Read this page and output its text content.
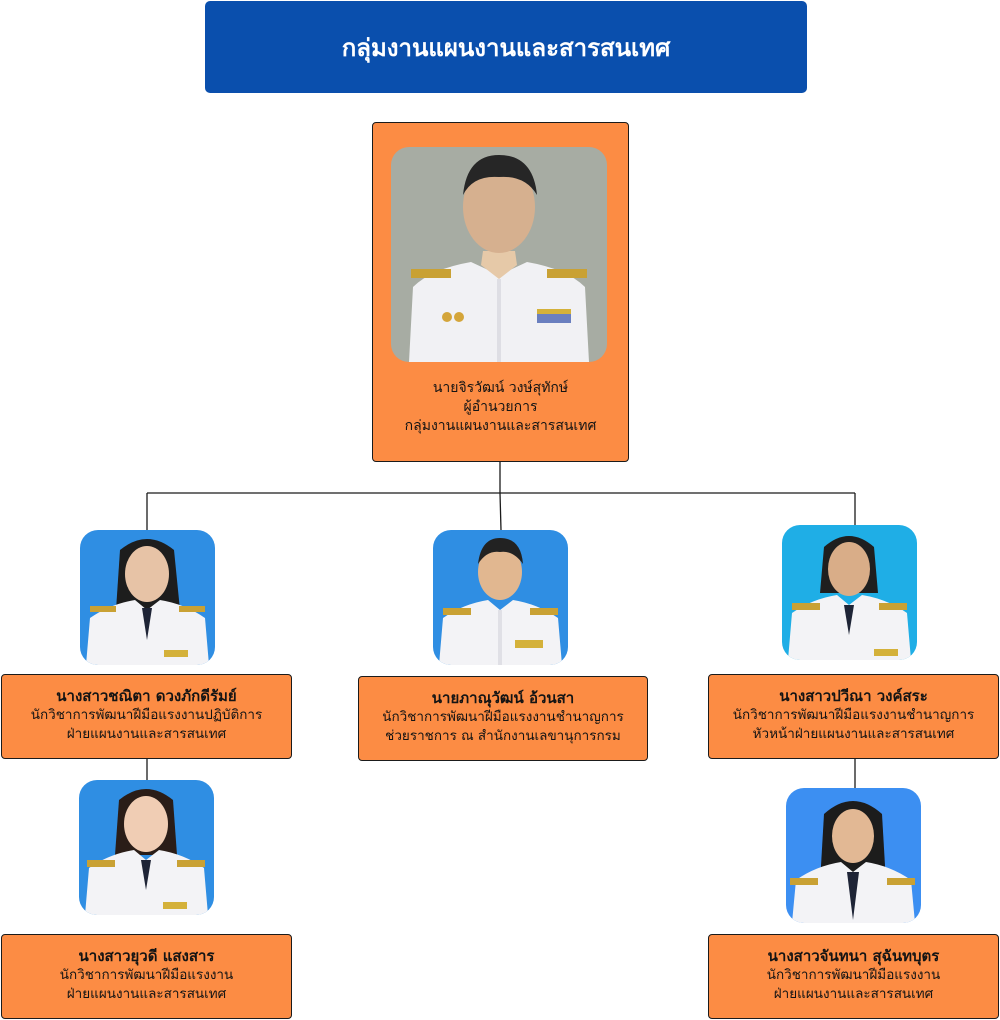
กลุ่มงานแผนงานและสารสนเทศ
นายจิรวัฒน์ วงษ์สุทักษ์
ผู้อำนวยการ
กลุ่มงานแผนงานและสารสนเทศ
นางสาวชณิตา ดวงภักดีรัมย์
นักวิชาการพัฒนาฝีมือแรงงานปฏิบัติการ
ฝ่ายแผนงานและสารสนเทศ
นายภาณุวัฒน์ อ้วนสา
นักวิชาการพัฒนาฝีมือแรงงานชำนาญการ
ช่วยราชการ ณ สำนักงานเลขานุการกรม
นางสาวปวีณา วงค์สระ
นักวิชาการพัฒนาฝีมือแรงงานชำนาญการ
หัวหน้าฝ่ายแผนงานและสารสนเทศ
นางสาวยุวดี แสงสาร
นักวิชาการพัฒนาฝีมือแรงงาน
ฝ่ายแผนงานและสารสนเทศ
นางสาวจันทนา สุฉันทบุตร
นักวิชาการพัฒนาฝีมือแรงงาน
ฝ่ายแผนงานและสารสนเทศ
